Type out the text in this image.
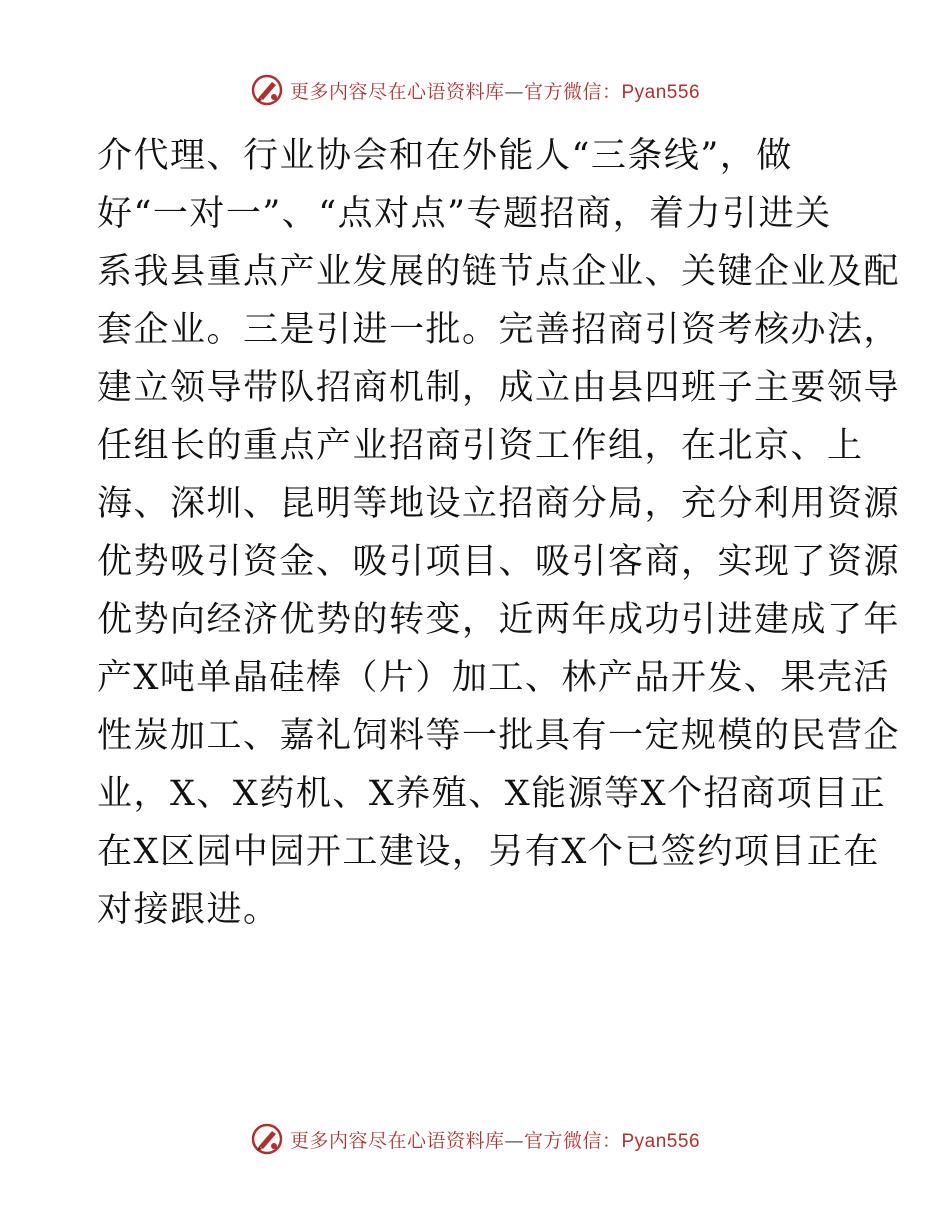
更多内容尽在心语资料库—官方微信：Pyan556
介代理、行业协会和在外能人“三条线”，做
好“一对一”、“点对点”专题招商，着力引进关
系我县重点产业发展的链节点企业、关键企业及配
套企业。三是引进一批。完善招商引资考核办法，
建立领导带队招商机制，成立由县四班子主要领导
任组长的重点产业招商引资工作组，在北京、上
海、深圳、昆明等地设立招商分局，充分利用资源
优势吸引资金、吸引项目、吸引客商，实现了资源
优势向经济优势的转变，近两年成功引进建成了年
产X吨单晶硅棒（片）加工、林产品开发、果壳活
性炭加工、嘉礼饲料等一批具有一定规模的民营企
业，X、X药机、X养殖、X能源等X个招商项目正
在X区园中园开工建设，另有X个已签约项目正在
对接跟进。
更多内容尽在心语资料库—官方微信：Pyan556
